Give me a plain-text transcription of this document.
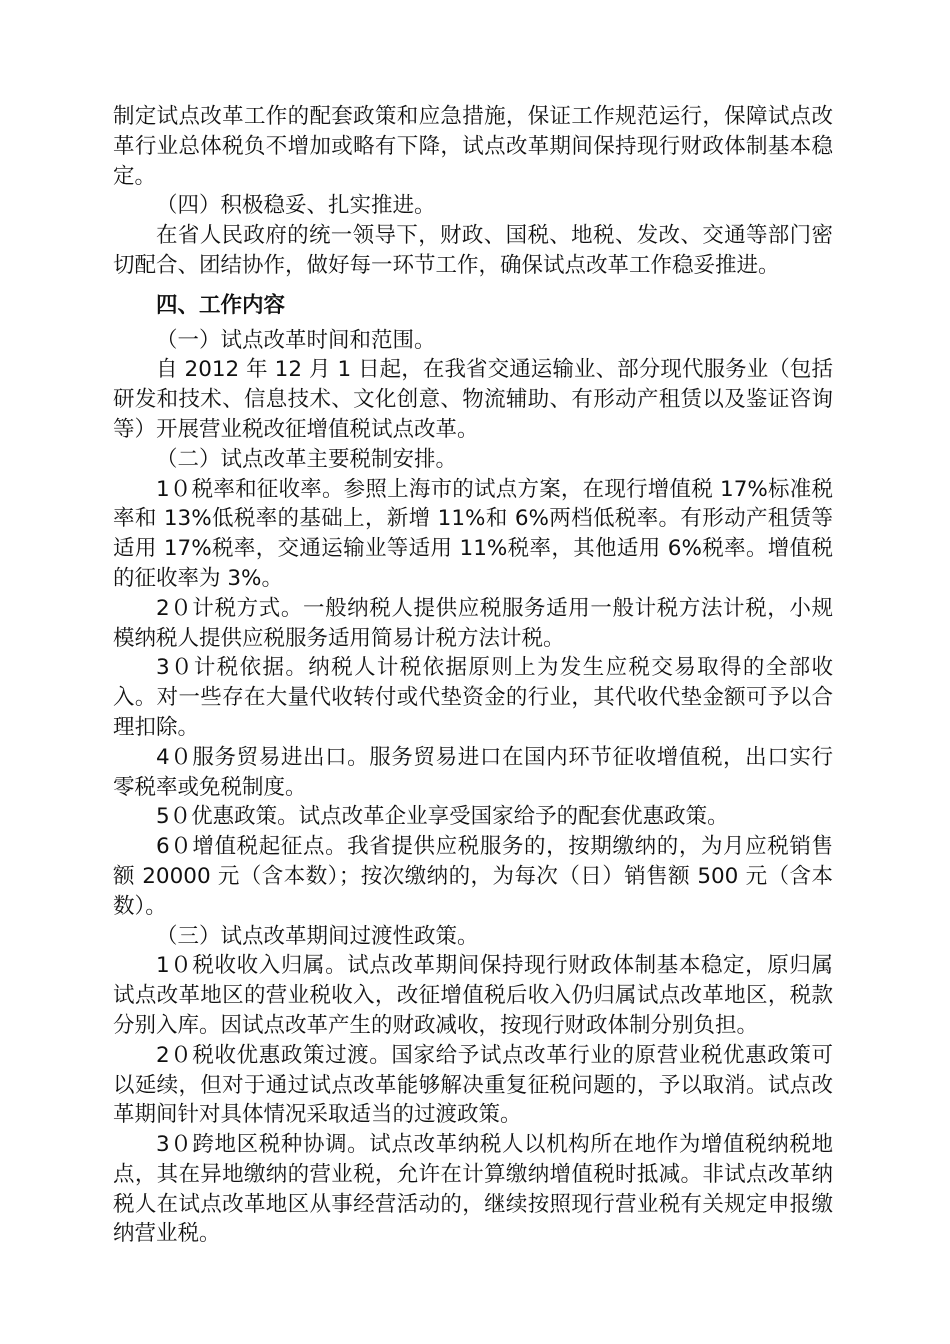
制定试点改革工作的配套政策和应急措施，保证工作规范运行，保障试点改革行业总体税负不增加或略有下降，试点改革期间保持现行财政体制基本稳定。

（四）积极稳妥、扎实推进。

在省人民政府的统一领导下，财政、国税、地税、发改、交通等部门密切配合、团结协作，做好每一环节工作，确保试点改革工作稳妥推进。

四、工作内容

（一）试点改革时间和范围。

自 2012 年 12 月 1 日起，在我省交通运输业、部分现代服务业（包括研发和技术、信息技术、文化创意、物流辅助、有形动产租赁以及鉴证咨询等）开展营业税改征增值税试点改革。

（二）试点改革主要税制安排。

1０税率和征收率。参照上海市的试点方案，在现行增值税 17%标准税率和 13%低税率的基础上，新增 11%和 6%两档低税率。有形动产租赁等适用 17%税率，交通运输业等适用 11%税率，其他适用 6%税率。增值税的征收率为 3%。

2０计税方式。一般纳税人提供应税服务适用一般计税方法计税，小规模纳税人提供应税服务适用简易计税方法计税。

3０计税依据。纳税人计税依据原则上为发生应税交易取得的全部收入。对一些存在大量代收转付或代垫资金的行业，其代收代垫金额可予以合理扣除。

4０服务贸易进出口。服务贸易进口在国内环节征收增值税，出口实行零税率或免税制度。

5０优惠政策。试点改革企业享受国家给予的配套优惠政策。

6０增值税起征点。我省提供应税服务的，按期缴纳的，为月应税销售额 20000 元（含本数）；按次缴纳的，为每次（日）销售额 500 元（含本数）。

（三）试点改革期间过渡性政策。

1０税收收入归属。试点改革期间保持现行财政体制基本稳定，原归属试点改革地区的营业税收入，改征增值税后收入仍归属试点改革地区，税款分别入库。因试点改革产生的财政减收，按现行财政体制分别负担。

2０税收优惠政策过渡。国家给予试点改革行业的原营业税优惠政策可以延续，但对于通过试点改革能够解决重复征税问题的，予以取消。试点改革期间针对具体情况采取适当的过渡政策。

3０跨地区税种协调。试点改革纳税人以机构所在地作为增值税纳税地点，其在异地缴纳的营业税，允许在计算缴纳增值税时抵减。非试点改革纳税人在试点改革地区从事经营活动的，继续按照现行营业税有关规定申报缴纳营业税。
